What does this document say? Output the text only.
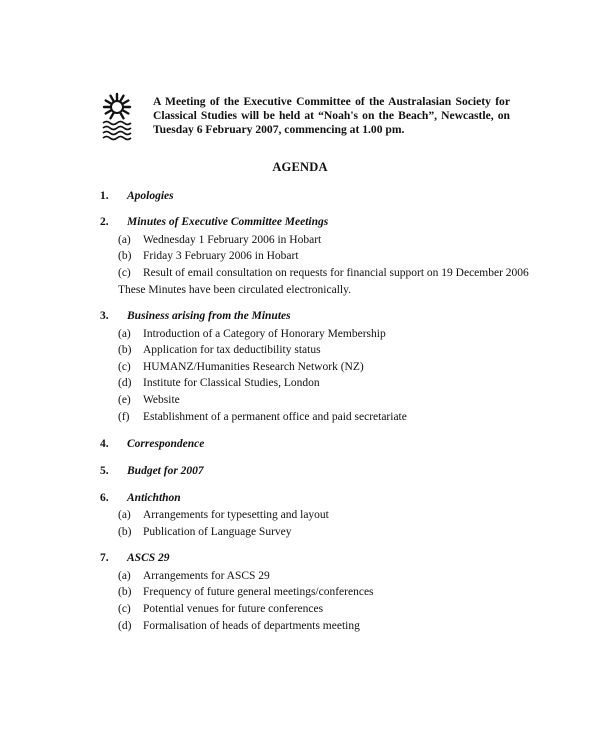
A Meeting of the Executive Committee of the Australasian Society for Classical Studies will be held at “Noah's on the Beach”, Newcastle, on Tuesday 6 February 2007, commencing at 1.00 pm.
AGENDA
1. Apologies
2. Minutes of Executive Committee Meetings
(a) Wednesday 1 February 2006 in Hobart
(b) Friday 3 February 2006 in Hobart
(c) Result of email consultation on requests for financial support on 19 December 2006
These Minutes have been circulated electronically.
3. Business arising from the Minutes
(a) Introduction of a Category of Honorary Membership
(b) Application for tax deductibility status
(c) HUMANZ/Humanities Research Network (NZ)
(d) Institute for Classical Studies, London
(e) Website
(f) Establishment of a permanent office and paid secretariate
4. Correspondence
5. Budget for 2007
6. Antichthon
(a) Arrangements for typesetting and layout
(b) Publication of Language Survey
7. ASCS 29
(a) Arrangements for ASCS 29
(b) Frequency of future general meetings/conferences
(c) Potential venues for future conferences
(d) Formalisation of heads of departments meeting
